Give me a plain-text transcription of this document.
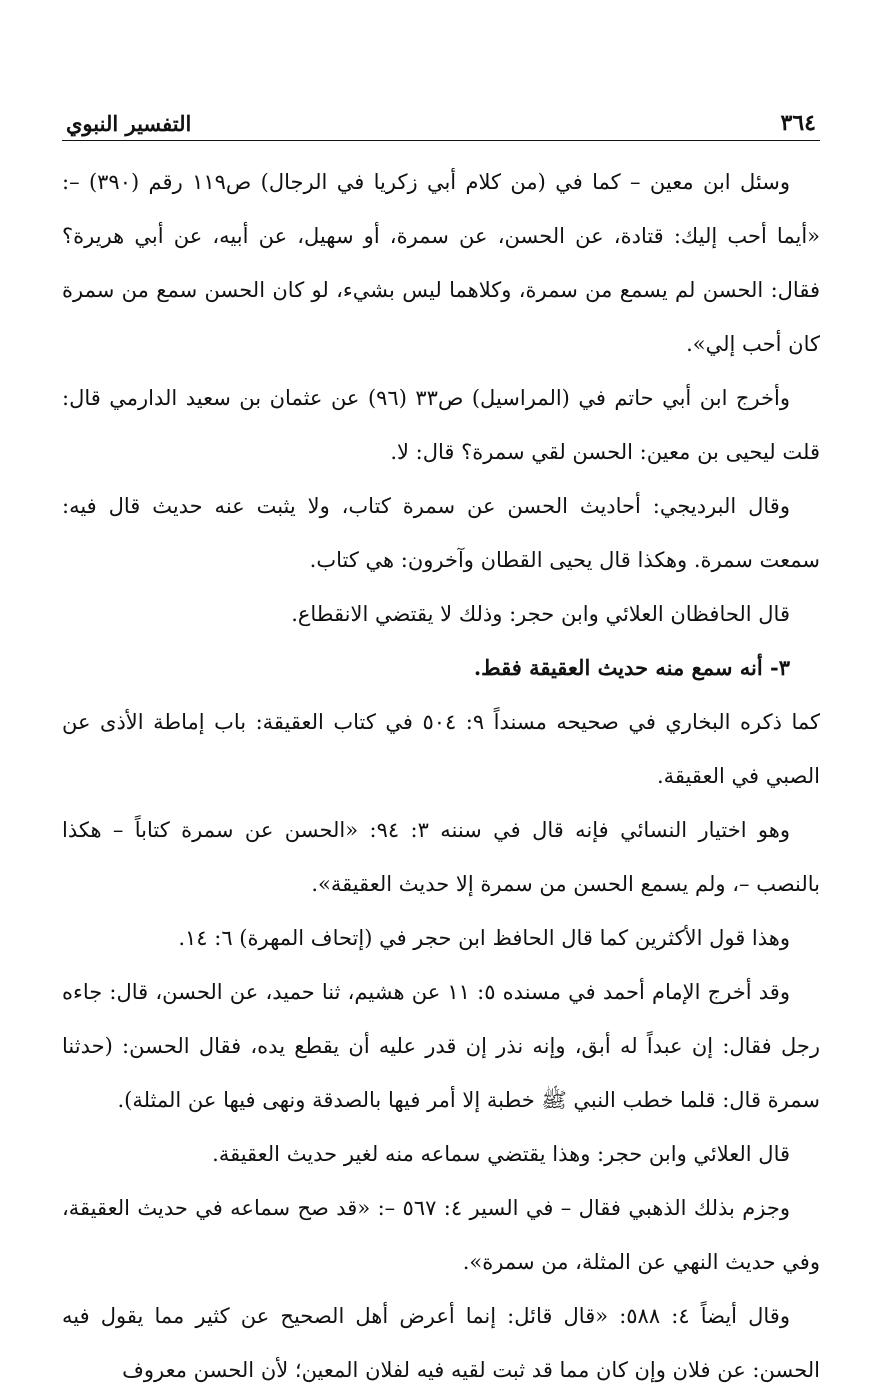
٣٦٤
التفسير النبوي

وسئل ابن معين – كما في (من كلام أبي زكريا في الرجال) ص١١٩ رقم (٣٩٠) –: «أيما أحب إليك: قتادة، عن الحسن، عن سمرة، أو سهيل، عن أبيه، عن أبي هريرة؟ فقال: الحسن لم يسمع من سمرة، وكلاهما ليس بشيء، لو كان الحسن سمع من سمرة كان أحب إلي».

وأخرج ابن أبي حاتم في (المراسيل) ص٣٣ (٩٦) عن عثمان بن سعيد الدارمي قال: قلت ليحيى بن معين: الحسن لقي سمرة؟ قال: لا.

وقال البرديجي: أحاديث الحسن عن سمرة كتاب، ولا يثبت عنه حديث قال فيه: سمعت سمرة. وهكذا قال يحيى القطان وآخرون: هي كتاب.

قال الحافظان العلائي وابن حجر: وذلك لا يقتضي الانقطاع.

٣- أنه سمع منه حديث العقيقة فقط.

كما ذكره البخاري في صحيحه مسنداً ٩: ٥٠٤ في كتاب العقيقة: باب إماطة الأذى عن الصبي في العقيقة.

وهو اختيار النسائي فإنه قال في سننه ٣: ٩٤: «الحسن عن سمرة كتاباً – هكذا بالنصب –، ولم يسمع الحسن من سمرة إلا حديث العقيقة».

وهذا قول الأكثرين كما قال الحافظ ابن حجر في (إتحاف المهرة) ٦: ١٤.

وقد أخرج الإمام أحمد في مسنده ٥: ١١ عن هشيم، ثنا حميد، عن الحسن، قال: جاءه رجل فقال: إن عبداً له أبق، وإنه نذر إن قدر عليه أن يقطع يده، فقال الحسن: (حدثنا سمرة قال: قلما خطب النبي ﷺ خطبة إلا أمر فيها بالصدقة ونهى فيها عن المثلة).

قال العلائي وابن حجر: وهذا يقتضي سماعه منه لغير حديث العقيقة.

وجزم بذلك الذهبي فقال – في السير ٤: ٥٦٧ –: «قد صح سماعه في حديث العقيقة، وفي حديث النهي عن المثلة، من سمرة».

وقال أيضاً ٤: ٥٨٨: «قال قائل: إنما أعرض أهل الصحيح عن كثير مما يقول فيه الحسن: عن فلان وإن كان مما قد ثبت لقيه فيه لفلان المعين؛ لأن الحسن معروف
